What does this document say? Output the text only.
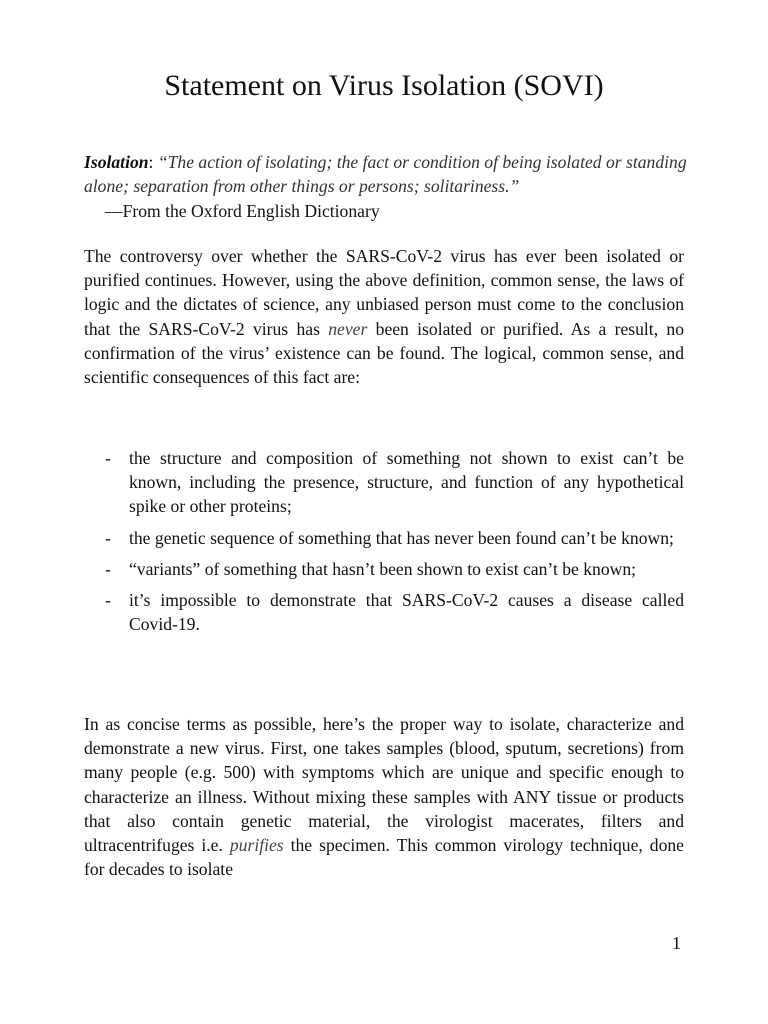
Statement on Virus Isolation (SOVI)
Isolation: “The action of isolating; the fact or condition of being isolated or standing alone; separation from other things or persons; solitariness.”
—From the Oxford English Dictionary

The controversy over whether the SARS-CoV-2 virus has ever been isolated or purified continues. However, using the above definition, common sense, the laws of logic and the dictates of science, any unbiased person must come to the conclusion that the SARS-CoV-2 virus has never been isolated or purified. As a result, no confirmation of the virus’ existence can be found. The logical, common sense, and scientific consequences of this fact are:

- the structure and composition of something not shown to exist can’t be known, including the presence, structure, and function of any hypothetical spike or other proteins;
- the genetic sequence of something that has never been found can’t be known;
- “variants” of something that hasn’t been shown to exist can’t be known;
- it’s impossible to demonstrate that SARS-CoV-2 causes a disease called Covid-19.

In as concise terms as possible, here’s the proper way to isolate, characterize and demonstrate a new virus. First, one takes samples (blood, sputum, secretions) from many people (e.g. 500) with symptoms which are unique and specific enough to characterize an illness. Without mixing these samples with ANY tissue or products that also contain genetic material, the virologist macerates, filters and ultracentrifuges i.e. purifies the specimen. This common virology technique, done for decades to isolate

1
